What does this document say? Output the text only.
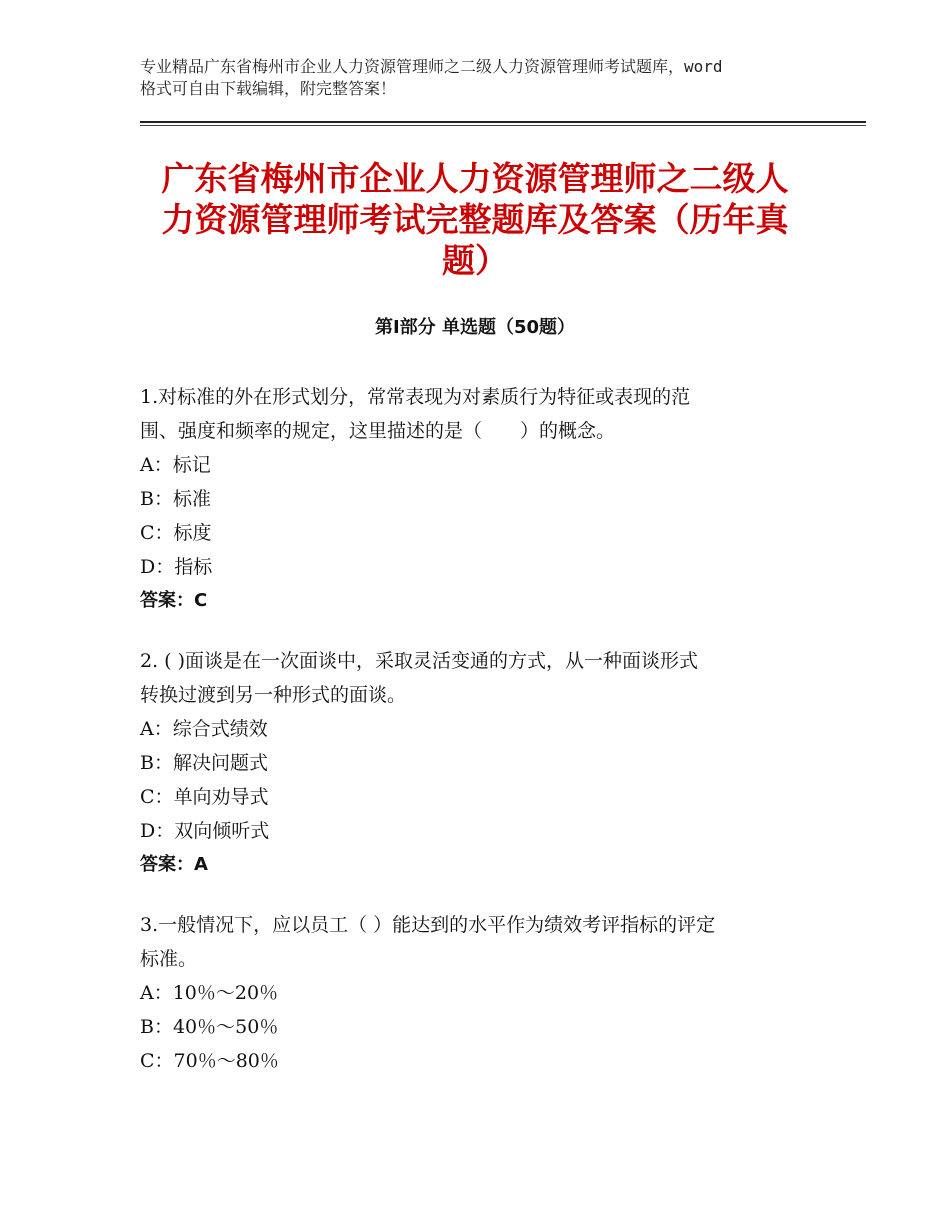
专业精品广东省梅州市企业人力资源管理师之二级人力资源管理师考试题库，word
格式可自由下载编辑，附完整答案！
广东省梅州市企业人力资源管理师之二级人
力资源管理师考试完整题库及答案（历年真
题）
第Ⅰ部分 单选题（50题）
1.对标准的外在形式划分，常常表现为对素质行为特征或表现的范
围、强度和频率的规定，这里描述的是（　　）的概念。
A：标记
B：标准
C：标度
D：指标
答案：C
2. ( )面谈是在一次面谈中，采取灵活变通的方式，从一种面谈形式
转换过渡到另一种形式的面谈。
A：综合式绩效
B：解决问题式
C：单向劝导式
D：双向倾听式
答案：A
3.一般情况下，应以员工（ ）能达到的水平作为绩效考评指标的评定
标准。
A：10％～20％
B：40％～50％
C：70％～80％
